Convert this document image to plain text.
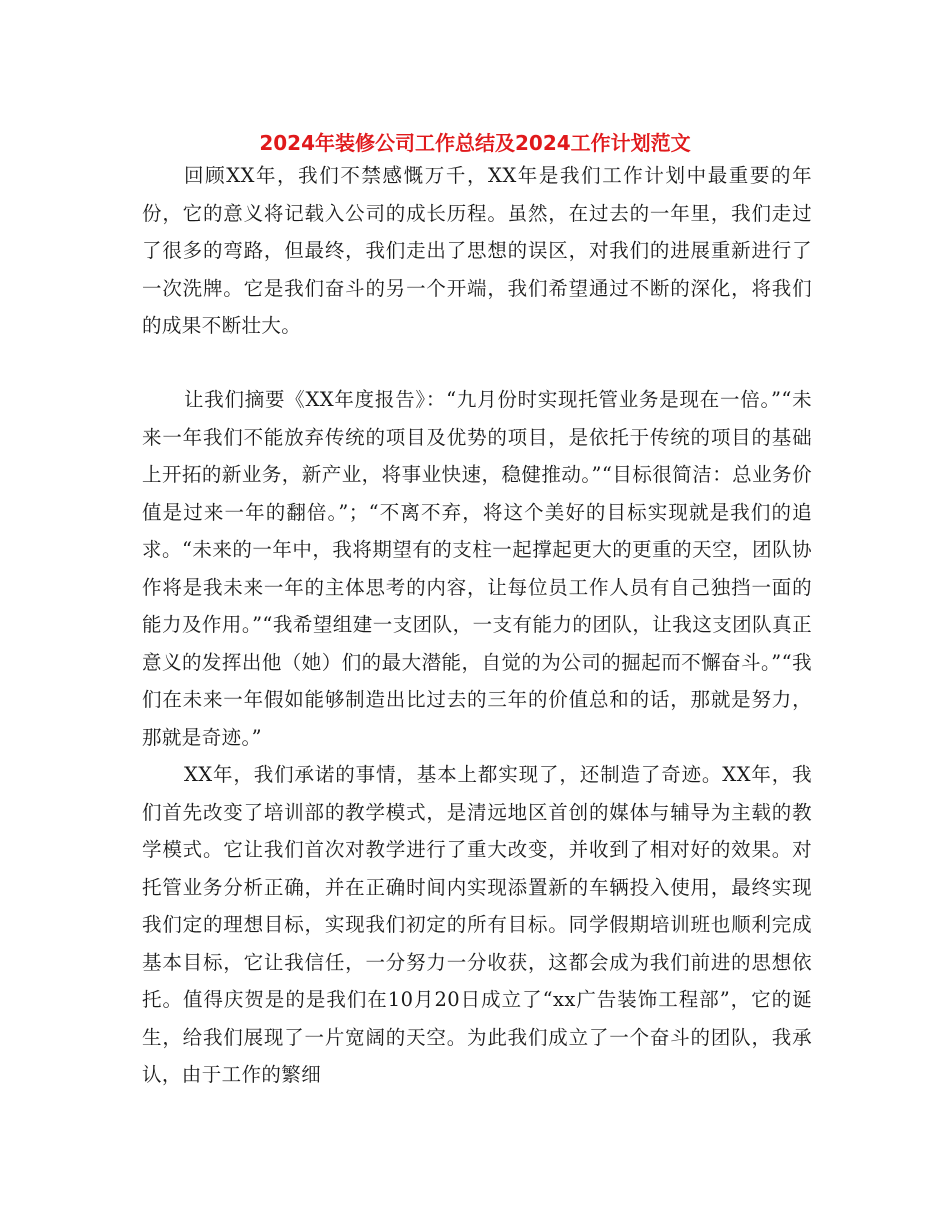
2024年装修公司工作总结及2024工作计划范文

回顾XX年，我们不禁感慨万千，XX年是我们工作计划中最重要的年份，它的意义将记载入公司的成长历程。虽然，在过去的一年里，我们走过了很多的弯路，但最终，我们走出了思想的误区，对我们的进展重新进行了一次洗牌。它是我们奋斗的另一个开端，我们希望通过不断的深化，将我们的成果不断壮大。

让我们摘要《XX年度报告》：“九月份时实现托管业务是现在一倍。”“未来一年我们不能放弃传统的项目及优势的项目，是依托于传统的项目的基础上开拓的新业务，新产业，将事业快速，稳健推动。”“目标很简洁：总业务价值是过来一年的翻倍。”；“不离不弃，将这个美好的目标实现就是我们的追求。“未来的一年中，我将期望有的支柱一起撑起更大的更重的天空，团队协作将是我未来一年的主体思考的内容，让每位员工作人员有自己独挡一面的能力及作用。”“我希望组建一支团队，一支有能力的团队，让我这支团队真正意义的发挥出他（她）们的最大潜能，自觉的为公司的掘起而不懈奋斗。”“我们在未来一年假如能够制造出比过去的三年的价值总和的话，那就是努力，那就是奇迹。”

XX年，我们承诺的事情，基本上都实现了，还制造了奇迹。XX年，我们首先改变了培训部的教学模式，是清远地区首创的媒体与辅导为主载的教学模式。它让我们首次对教学进行了重大改变，并收到了相对好的效果。对托管业务分析正确，并在正确时间内实现添置新的车辆投入使用，最终实现我们定的理想目标，实现我们初定的所有目标。同学假期培训班也顺利完成基本目标，它让我信任，一分努力一分收获，这都会成为我们前进的思想依托。值得庆贺是的是我们在10月20日成立了“xx广告装饰工程部”，它的诞生，给我们展现了一片宽阔的天空。为此我们成立了一个奋斗的团队，我承认，由于工作的繁细
